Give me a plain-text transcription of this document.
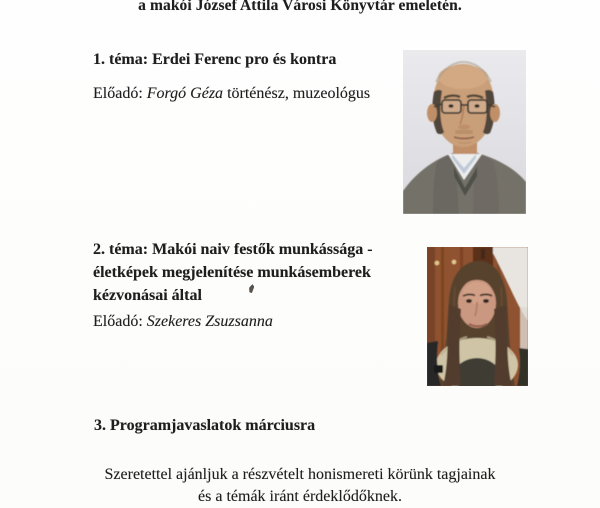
a makói József Attila Városi Könyvtár emeletén.
1. téma: Erdei Ferenc pro és kontra
Előadó: Forgó Géza történész, muzeológus
2. téma: Makói naiv festők munkássága -
életképek megjelenítése munkásemberek
kézvonásai által
Előadó: Szekeres Zsuzsanna
3. Programjavaslatok márciusra
Szeretettel ajánljuk a részvételt honismereti körünk tagjainak
és a témák iránt érdeklődőknek.
